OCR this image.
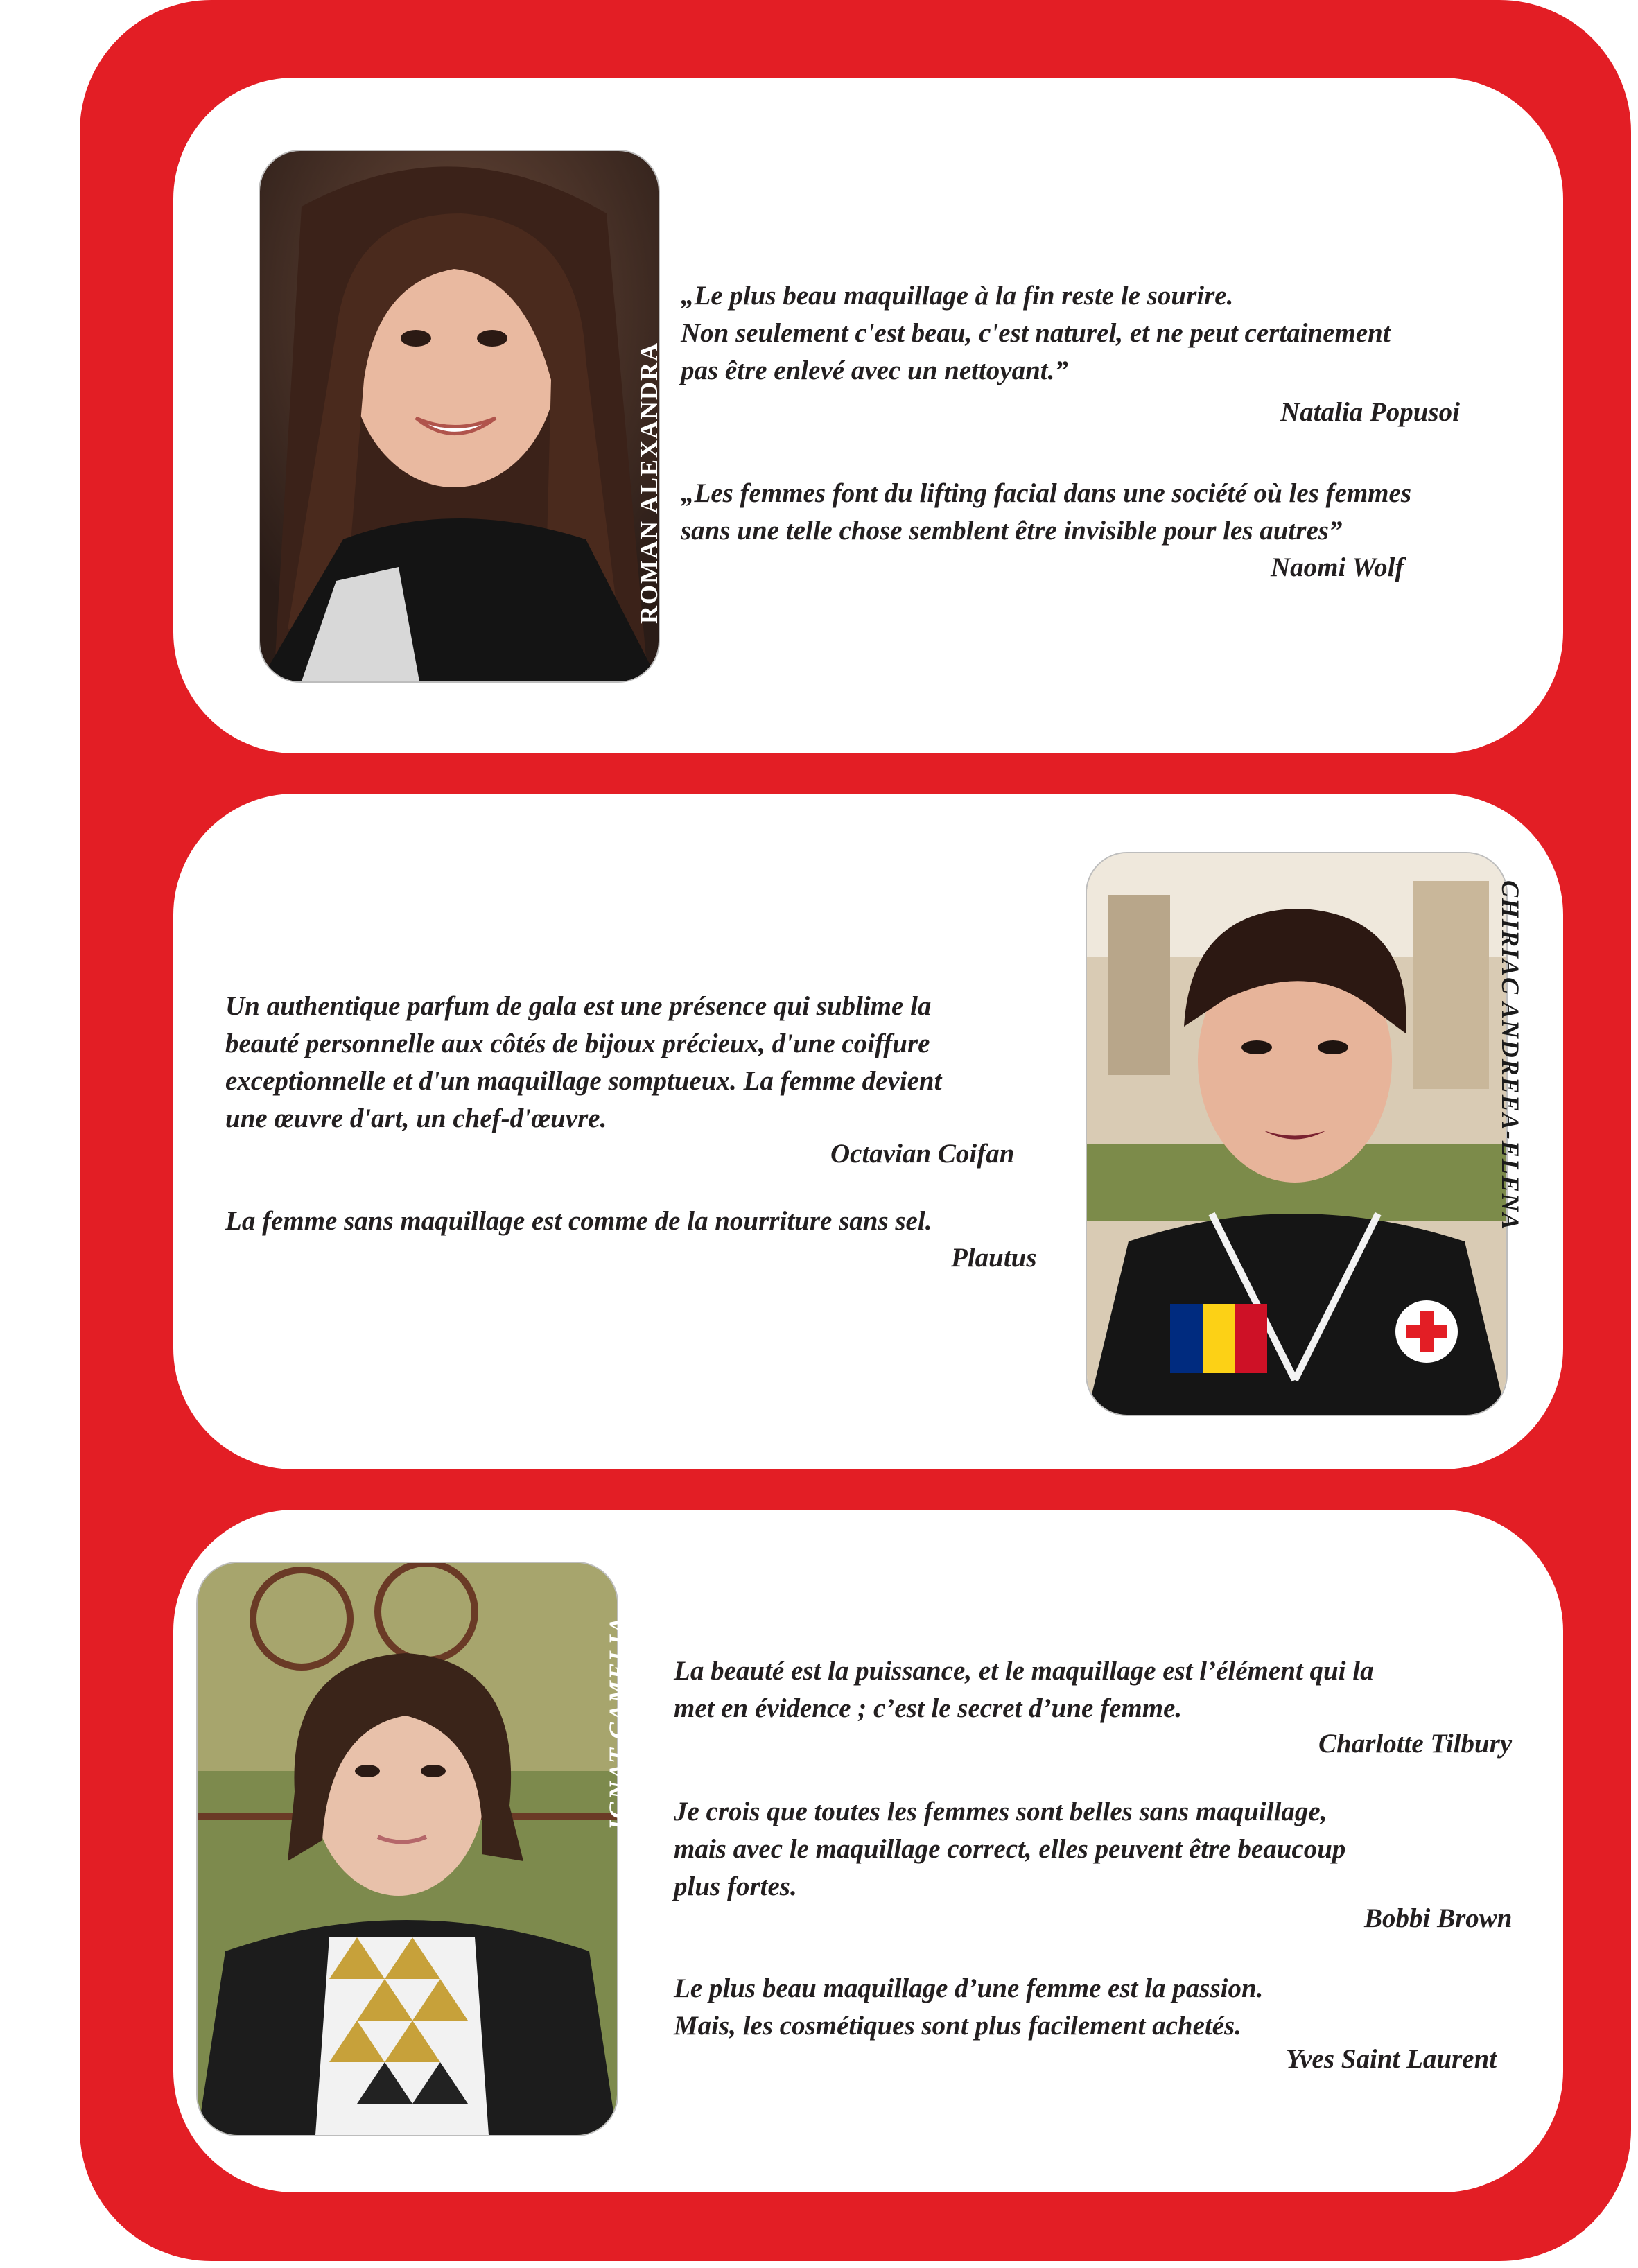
ROMAN ALEXANDRA
„Le plus beau maquillage à la fin reste le sourire.
Non seulement c'est beau, c'est naturel, et ne peut certainement
pas être enlevé avec un nettoyant.”
Natalia Popusoi
„Les femmes font du lifting facial dans une société où les femmes
sans une telle chose semblent être invisible pour les autres”
Naomi Wolf
CHIRIAC ANDREEA-ELENA
Un authentique parfum de gala est une présence qui sublime la
beauté personnelle aux côtés de bijoux précieux, d'une coiffure
exceptionnelle et d'un maquillage somptueux. La femme devient
une œuvre d'art, un chef-d'œuvre.
Octavian Coifan
La femme sans maquillage est comme de la nourriture sans sel.
Plautus
IGNAT CAMELIA La beauté est la puissance, et le maquillage est l’élément qui la
met en évidence ; c’est le secret d’une femme.
Charlotte Tilbury
Je crois que toutes les femmes sont belles sans maquillage,
mais avec le maquillage correct, elles peuvent être beaucoup
plus fortes.
Bobbi Brown
Le plus beau maquillage d’une femme est la passion.
Mais, les cosmétiques sont plus facilement achetés.
Yves Saint Laurent
